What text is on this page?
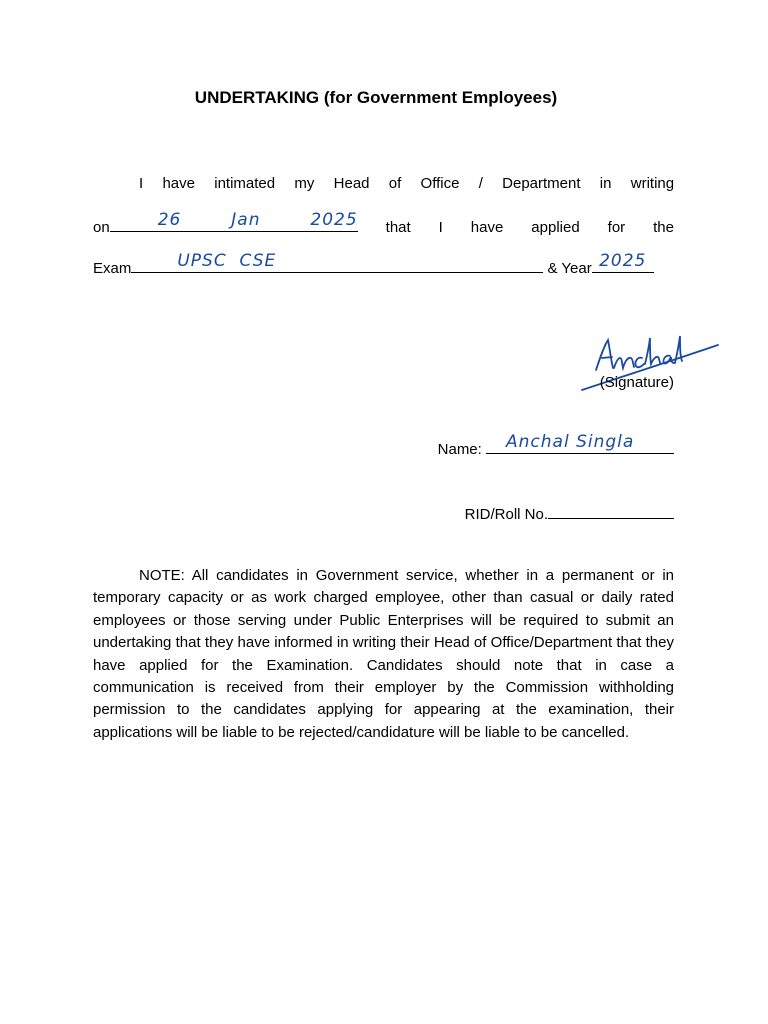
UNDERTAKING (for Government Employees)
I have intimated my Head of Office / Department in writing
on	26 Jan 2025 that I have applied for the
Exam	UPSC  CSE	& Year 2025
(Signature)
Name: Anchal Singla
RID/Roll No.
NOTE: All candidates in Government service, whether in a permanent or in temporary capacity or as work charged employee, other than casual or daily rated employees or those serving under Public Enterprises will be required to submit an undertaking that they have informed in writing their Head of Office/Department that they have applied for the Examination. Candidates should note that in case a communication is received from their employer by the Commission withholding permission to the candidates applying for appearing at the examination, their applications will be liable to be rejected/candidature will be liable to be cancelled.
